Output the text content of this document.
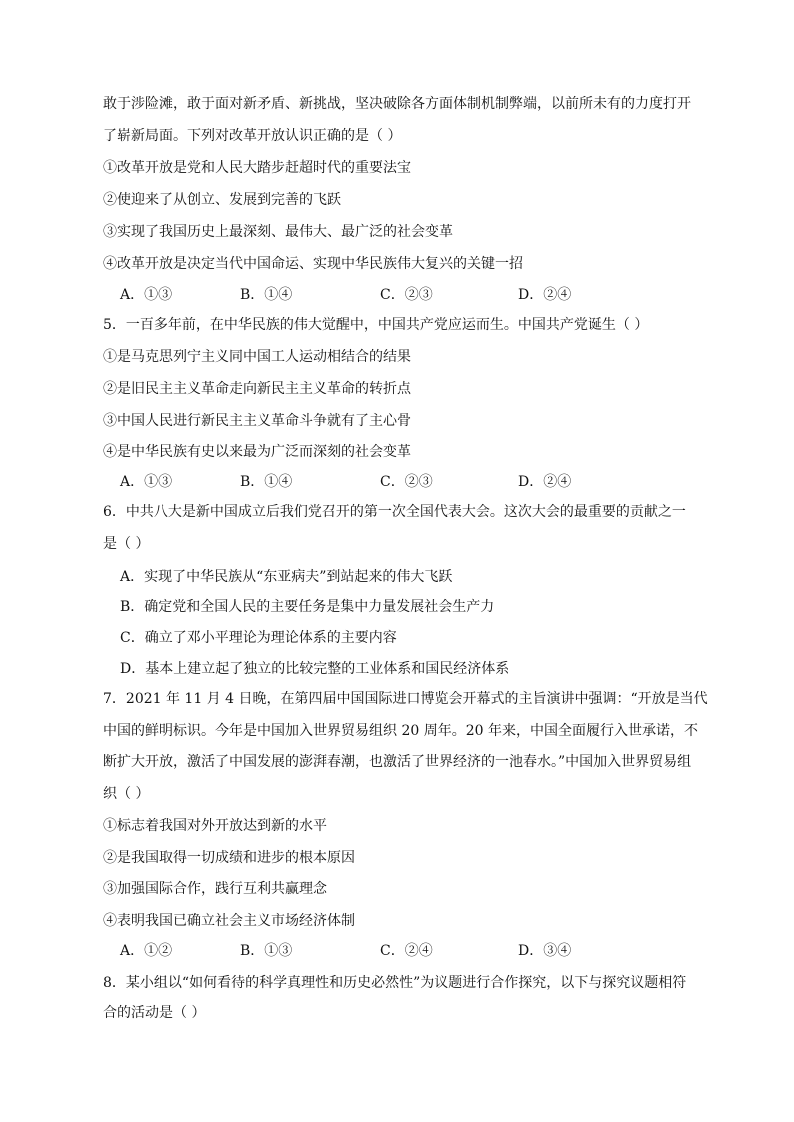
敢于涉险滩，敢于面对新矛盾、新挑战，坚决破除各方面体制机制弊端，以前所未有的力度打开
了崭新局面。下列对改革开放认识正确的是（ ）
①改革开放是党和人民大踏步赶超时代的重要法宝
②使迎来了从创立、发展到完善的飞跃
③实现了我国历史上最深刻、最伟大、最广泛的社会变革
④改革开放是决定当代中国命运、实现中华民族伟大复兴的关键一招
A．①③	B．①④	C．②③	D．②④
5．一百多年前，在中华民族的伟大觉醒中，中国共产党应运而生。中国共产党诞生（ ）
①是马克思列宁主义同中国工人运动相结合的结果
②是旧民主主义革命走向新民主主义革命的转折点
③中国人民进行新民主主义革命斗争就有了主心骨
④是中华民族有史以来最为广泛而深刻的社会变革
A．①③	B．①④	C．②③	D．②④
6．中共八大是新中国成立后我们党召开的第一次全国代表大会。这次大会的最重要的贡献之一
是（ ）
A．实现了中华民族从“东亚病夫”到站起来的伟大飞跃
B．确定党和全国人民的主要任务是集中力量发展社会生产力
C．确立了邓小平理论为理论体系的主要内容
D．基本上建立起了独立的比较完整的工业体系和国民经济体系
7．2021 年 11 月 4 日晚，在第四届中国国际进口博览会开幕式的主旨演讲中强调：“开放是当代
中国的鲜明标识。今年是中国加入世界贸易组织 20 周年。20 年来，中国全面履行入世承诺，不
断扩大开放，激活了中国发展的澎湃春潮，也激活了世界经济的一池春水。”中国加入世界贸易组
织（ ）
①标志着我国对外开放达到新的水平
②是我国取得一切成绩和进步的根本原因
③加强国际合作，践行互利共赢理念
④表明我国已确立社会主义市场经济体制
A．①②	B．①③	C．②④	D．③④
8．某小组以“如何看待的科学真理性和历史必然性”为议题进行合作探究，以下与探究议题相符
合的活动是（ ）
